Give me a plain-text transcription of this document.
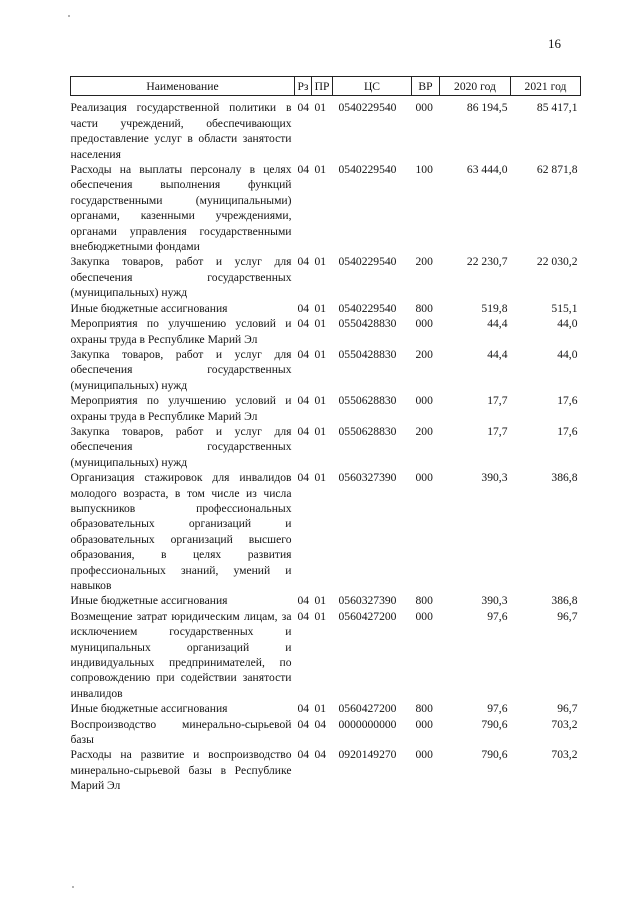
16
Наименование	Рз	ПР	ЦС	ВР	2020 год	2021 год
Реализация государственной политики в части учреждений, обеспечивающих предоставление услуг в области занятости населения	04	01	0540229540	000	86 194,5	85 417,1
Расходы на выплаты персоналу в целях обеспечения выполнения функций государственными (муниципальными) органами, казенными учреждениями, органами управления государственными внебюджетными фондами	04	01	0540229540	100	63 444,0	62 871,8
Закупка товаров, работ и услуг для обеспечения государственных (муниципальных) нужд	04	01	0540229540	200	22 230,7	22 030,2
Иные бюджетные ассигнования	04	01	0540229540	800	519,8	515,1
Мероприятия по улучшению условий и охраны труда в Республике Марий Эл	04	01	0550428830	000	44,4	44,0
Закупка товаров, работ и услуг для обеспечения государственных (муниципальных) нужд	04	01	0550428830	200	44,4	44,0
Мероприятия по улучшению условий и охраны труда в Республике Марий Эл	04	01	0550628830	000	17,7	17,6
Закупка товаров, работ и услуг для обеспечения государственных (муниципальных) нужд	04	01	0550628830	200	17,7	17,6
Организация стажировок для инвалидов молодого возраста, в том числе из числа выпускников профессиональных образовательных организаций и образовательных организаций высшего образования, в целях развития профессиональных знаний, умений и навыков	04	01	0560327390	000	390,3	386,8
Иные бюджетные ассигнования	04	01	0560327390	800	390,3	386,8
Возмещение затрат юридическим лицам, за исключением государственных и муниципальных организаций и индивидуальных предпринимателей, по сопровождению при содействии занятости инвалидов	04	01	0560427200	000	97,6	96,7
Иные бюджетные ассигнования	04	01	0560427200	800	97,6	96,7
Воспроизводство минерально-сырьевой базы	04	04	0000000000	000	790,6	703,2
Расходы на развитие и воспроизводство минерально-сырьевой базы в Республике Марий Эл	04	04	0920149270	000	790,6	703,2
